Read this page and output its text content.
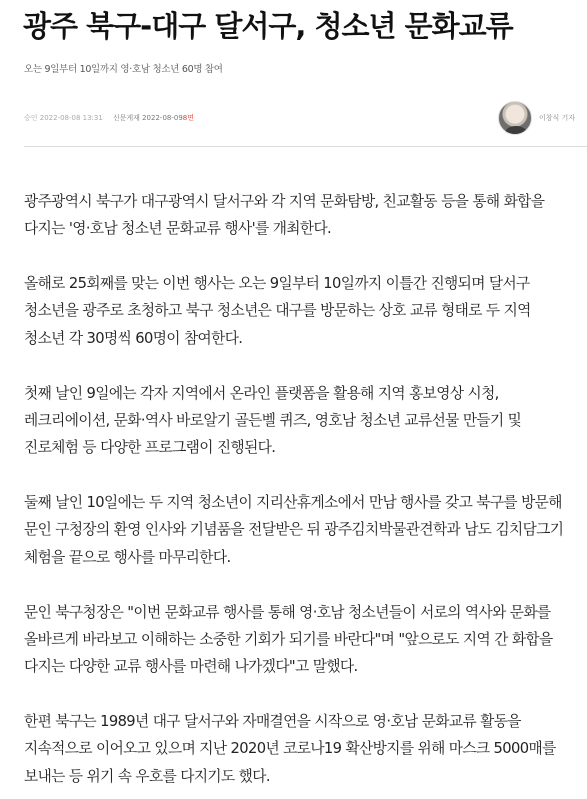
광주 북구-대구 달서구, 청소년 문화교류
오는 9일부터 10일까지 영·호남 청소년 60명 참여
승인 2022-08-08 13:31 신문게재 2022-08-098면	이창식 기자

광주광역시 북구가 대구광역시 달서구와 각 지역 문화탐방, 친교활동 등을 통해 화합을 다지는 '영·호남 청소년 문화교류 행사'를 개최한다.

올해로 25회째를 맞는 이번 행사는 오는 9일부터 10일까지 이틀간 진행되며 달서구 청소년을 광주로 초청하고 북구 청소년은 대구를 방문하는 상호 교류 형태로 두 지역 청소년 각 30명씩 60명이 참여한다.

첫째 날인 9일에는 각자 지역에서 온라인 플랫폼을 활용해 지역 홍보영상 시청, 레크리에이션, 문화·역사 바로알기 골든벨 퀴즈, 영호남 청소년 교류선물 만들기 및 진로체험 등 다양한 프로그램이 진행된다.

둘째 날인 10일에는 두 지역 청소년이 지리산휴게소에서 만남 행사를 갖고 북구를 방문해 문인 구청장의 환영 인사와 기념품을 전달받은 뒤 광주김치박물관견학과 남도 김치담그기 체험을 끝으로 행사를 마무리한다.

문인 북구청장은 "이번 문화교류 행사를 통해 영·호남 청소년들이 서로의 역사와 문화를 올바르게 바라보고 이해하는 소중한 기회가 되기를 바란다"며 "앞으로도 지역 간 화합을 다지는 다양한 교류 행사를 마련해 나가겠다"고 말했다.

한편 북구는 1989년 대구 달서구와 자매결연을 시작으로 영·호남 문화교류 활동을 지속적으로 이어오고 있으며 지난 2020년 코로나19 확산방지를 위해 마스크 5000매를 보내는 등 위기 속 우호를 다지기도 했다.
